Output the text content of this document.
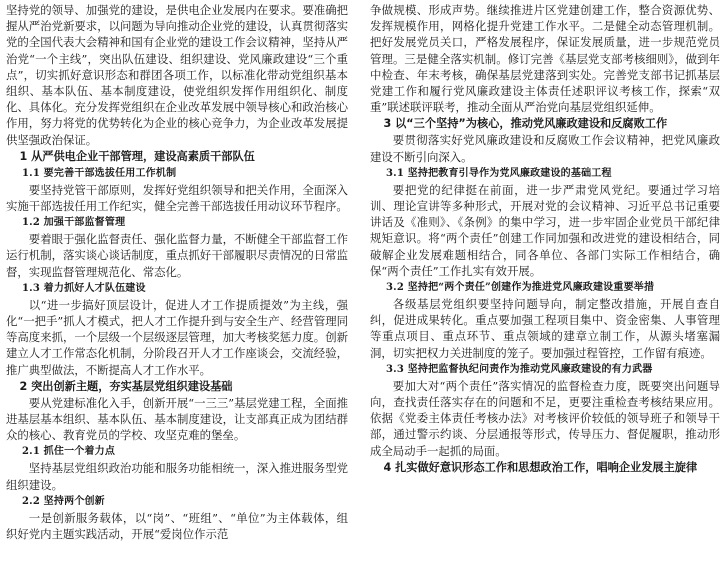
坚持党的领导、加强党的建设，是供电企业发展内在要求。要准确把握从严治党新要求，以问题为导向推动企业党的建设，认真贯彻落实党的全国代表大会精神和国有企业党的建设工作会议精神，坚持从严治党“一个主线”，突出队伍建设、组织建设、党风廉政建设“三个重点”，切实抓好意识形态和群团各项工作，以标准化带动党组织基本组织、基本队伍、基本制度建设，使党组织发挥作用组织化、制度化、具体化。充分发挥党组织在企业改革发展中领导核心和政治核心作用，努力将党的优势转化为企业的核心竞争力，为企业改革发展提供坚强政治保证。
1 从严供电企业干部管理，建设高素质干部队伍
1.1 要完善干部选拔任用工作机制
要坚持党管干部原则，发挥好党组织领导和把关作用，全面深入实施干部选拔任用工作纪实，健全完善干部选拔任用动议环节程序。
1.2 加强干部监督管理
要着眼于强化监督责任、强化监督力量，不断健全干部监督工作运行机制，落实谈心谈话制度，重点抓好干部履职尽责情况的日常监督，实现监督管理规范化、常态化。
1.3 着力抓好人才队伍建设
以“进一步搞好顶层设计，促进人才工作提质提效”为主线，强化“一把手”抓人才模式，把人才工作提升到与安全生产、经营管理同等高度来抓，一个层级一个层级逐层管理，加大考核奖惩力度。创新建立人才工作常态化机制，分阶段召开人才工作座谈会，交流经验，推广典型做法，不断提高人才工作水平。
2 突出创新主题，夯实基层党组织建设基础
要从党建标准化入手，创新开展“一三三”基层党建工程，全面推进基层基本组织、基本队伍、基本制度建设，让支部真正成为团结群众的核心、教育党员的学校、攻坚克难的堡垒。
2.1 抓住一个着力点
坚持基层党组织政治功能和服务功能相统一，深入推进服务型党组织建设。
2.2 坚持两个创新
一是创新服务载体，以“岗”、“班组”、“单位”为主体载体，组织好党内主题实践活动，开展“爱岗位作示范
争做规模、形成声势。继续推进片区党建创建工作，整合资源优势、发挥规模作用，网格化提升党建工作水平。二是健全动态管理机制。把好发展党员关口，严格发展程序，保证发展质量，进一步规范党员管理。三是健全落实机制。修订完善《基层党支部考核细则》，做到年中检查、年末考核，确保基层党建落到实处。完善党支部书记抓基层党建工作和履行党风廉政建设主体责任述职评议考核工作，探索“双重”联述联评联考，推动全面从严治党向基层党组织延伸。
3 以“三个坚持”为核心，推动党风廉政建设和反腐败工作
要贯彻落实好党风廉政建设和反腐败工作会议精神，把党风廉政建设不断引向深入。
3.1 坚持把教育引导作为党风廉政建设的基础工程
要把党的纪律挺在前面，进一步严肃党风党纪。要通过学习培训、理论宣讲等多种形式，开展对党的会议精神、习近平总书记重要讲话及《准则》、《条例》的集中学习，进一步牢固企业党员干部纪律规矩意识。将“两个责任”创建工作同加强和改进党的建设相结合，同破解企业发展难题相结合，同各单位、各部门实际工作相结合，确保“两个责任”工作扎实有效开展。
3.2 坚持把“两个责任”创建作为推进党风廉政建设重要举措
各级基层党组织要坚持问题导向，制定整改措施，开展自查自纠，促进成果转化。重点要加强工程项目集中、资金密集、人事管理等重点项目、重点环节、重点领域的建章立制工作，从源头堵塞漏洞，切实把权力关进制度的笼子。要加强过程管控，工作留有痕迹。
3.3 坚持把监督执纪问责作为推动党风廉政建设的有力武器
要加大对“两个责任”落实情况的监督检查力度，既要突出问题导向，查找责任落实存在的问题和不足，更要注重检查考核结果应用。依据《党委主体责任考核办法》对考核评价较低的领导班子和领导干部，通过警示约谈、分层通报等形式，传导压力、督促履职，推动形成全局动手一起抓的局面。
4 扎实做好意识形态工作和思想政治工作，唱响企业发展主旋律
